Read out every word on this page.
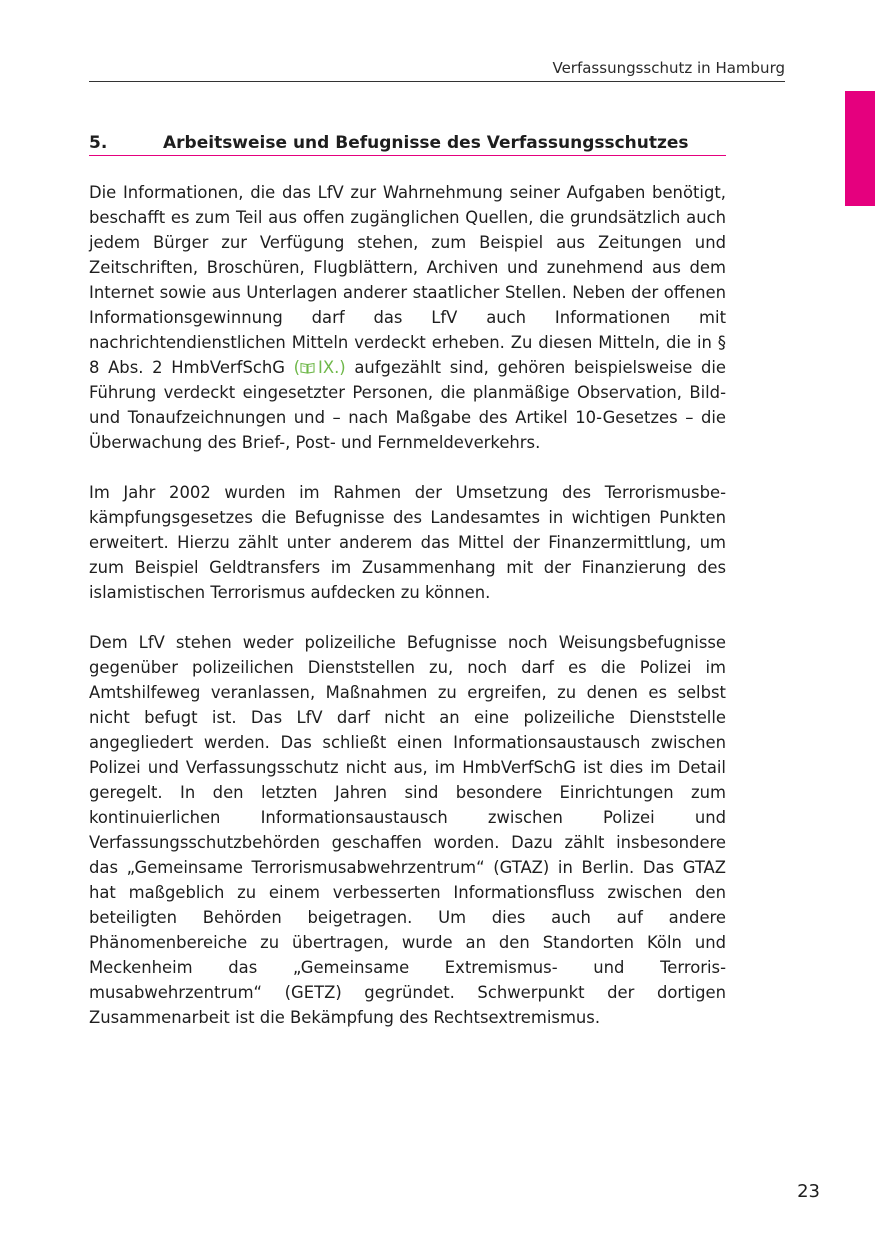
Verfassungsschutz in Hamburg
5.	Arbeitsweise und Befugnisse des Verfassungsschutzes

Die Informationen, die das LfV zur Wahrnehmung seiner Aufgaben benötigt, beschafft es zum Teil aus offen zugänglichen Quellen, die grundsätzlich auch jedem Bürger zur Verfügung stehen, zum Beispiel aus Zeitungen und Zeitschriften, Broschüren, Flugblättern, Archiven und zunehmend aus dem Internet sowie aus Unterlagen anderer staatlicher Stellen. Neben der offenen Informationsgewinnung darf das LfV auch Informationen mit nachrichtendienstlichen Mitteln verdeckt erheben. Zu diesen Mitteln, die in § 8 Abs. 2 HmbVerfSchG ( IX.) aufgezählt sind, gehören beispielsweise die Führung verdeckt eingesetzter Personen, die planmäßige Observation, Bild- und Tonaufzeichnungen und – nach Maßgabe des Artikel 10-Gesetzes – die Überwachung des Brief-, Post- und Fernmeldeverkehrs.

Im Jahr 2002 wurden im Rahmen der Umsetzung des Terrorismusbekämpfungsgesetzes die Befugnisse des Landesamtes in wichtigen Punkten erweitert. Hierzu zählt unter anderem das Mittel der Finanzermittlung, um zum Beispiel Geldtransfers im Zusammenhang mit der Finanzierung des islamistischen Terrorismus aufdecken zu können.

Dem LfV stehen weder polizeiliche Befugnisse noch Weisungsbefugnisse gegenüber polizeilichen Dienststellen zu, noch darf es die Polizei im Amtshilfeweg veranlassen, Maßnahmen zu ergreifen, zu denen es selbst nicht befugt ist. Das LfV darf nicht an eine polizeiliche Dienststelle angegliedert werden. Das schließt einen Informationsaustausch zwischen Polizei und Verfassungsschutz nicht aus, im HmbVerfSchG ist dies im Detail geregelt. In den letzten Jahren sind besondere Einrichtungen zum kontinuierlichen Informationsaustausch zwischen Polizei und Verfassungsschutzbehörden geschaffen worden. Dazu zählt insbesondere das „Gemeinsame Terrorismusabwehrzentrum“ (GTAZ) in Berlin. Das GTAZ hat maßgeblich zu einem verbesserten Informationsfluss zwischen den beteiligten Behörden beigetragen. Um dies auch auf andere Phänomenbereiche zu übertragen, wurde an den Standorten Köln und Meckenheim das „Gemeinsame Extremismus- und Terrorismusabwehrzentrum“ (GETZ) gegründet. Schwerpunkt der dortigen Zusammenarbeit ist die Bekämpfung des Rechtsextremismus.

23
